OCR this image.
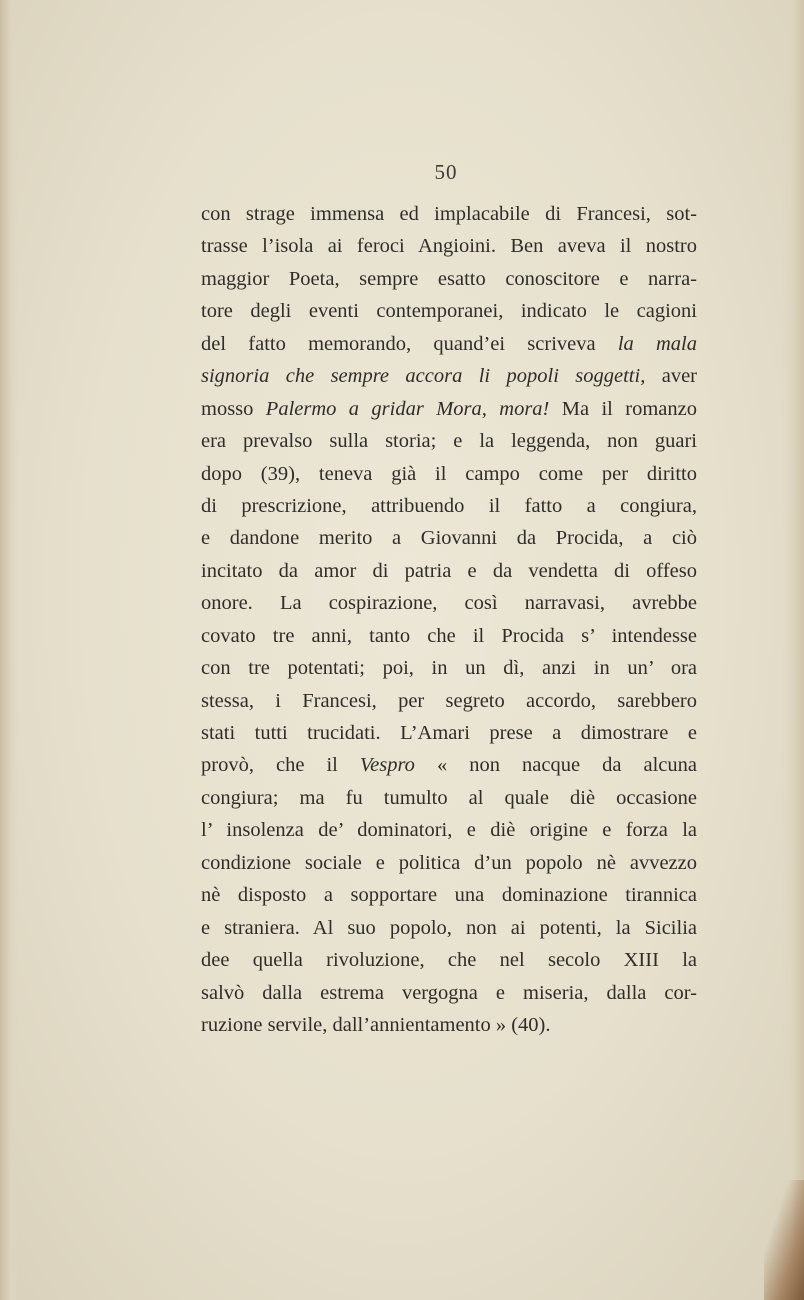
50
con strage immensa ed implacabile di Francesi, sot-
trasse l’isola ai feroci Angioini. Ben aveva il nostro
maggior Poeta, sempre esatto conoscitore e narra-
tore degli eventi contemporanei, indicato le cagioni
del fatto memorando, quand’ei scriveva la mala
signoria che sempre accora li popoli soggetti, aver
mosso Palermo a gridar Mora, mora! Ma il romanzo
era prevalso sulla storia; e la leggenda, non guari
dopo (39), teneva già il campo come per diritto
di prescrizione, attribuendo il fatto a congiura,
e dandone merito a Giovanni da Procida, a ciò
incitato da amor di patria e da vendetta di offeso
onore. La cospirazione, così narravasi, avrebbe
covato tre anni, tanto che il Procida s’ intendesse
con tre potentati; poi, in un dì, anzi in un’ ora
stessa, i Francesi, per segreto accordo, sarebbero
stati tutti trucidati. L’Amari prese a dimostrare e
provò, che il Vespro « non nacque da alcuna
congiura; ma fu tumulto al quale diè occasione
l’ insolenza de’ dominatori, e diè origine e forza la
condizione sociale e politica d’un popolo nè avvezzo
nè disposto a sopportare una dominazione tirannica
e straniera. Al suo popolo, non ai potenti, la Sicilia
dee quella rivoluzione, che nel secolo XIII la
salvò dalla estrema vergogna e miseria, dalla cor-
ruzione servile, dall’annientamento » (40).
